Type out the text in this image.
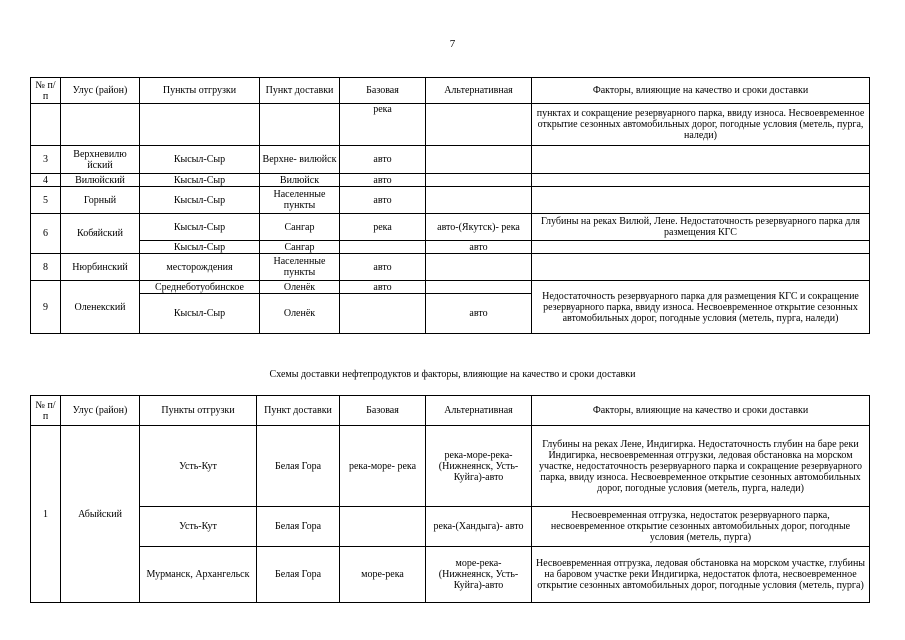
7
№ п/п	Улус (район)	Пункты отгрузки	Пункт доставки	Базовая	Альтернативная	Факторы, влияющие на качество и сроки доставки
				река		пунктах и сокращение резервуарного парка, ввиду износа. Несвоевременное открытие сезонных автомобильных дорог, погодные условия (метель, пурга, наледи)
3	Верхневилю йский	Кысыл-Сыр	Верхне- вилюйск	авто		
4	Вилюйский	Кысыл-Сыр	Вилюйск	авто		
5	Горный	Кысыл-Сыр	Населенные пункты	авто		
6	Кобяйский	Кысыл-Сыр	Сангар	река	авто-(Якутск)- река	Глубины на реках Вилюй, Лене. Недостаточность резервуарного парка для размещения КГС
		Кысыл-Сыр	Сангар		авто	
8	Нюрбинский	месторождения	Населенные пункты	авто		
9	Оленекский	Среднеботуобинское	Оленёк	авто		Недостаточность резервуарного парка для размещения КГС и сокращение резервуарного парка, ввиду износа. Несвоевременное открытие сезонных автомобильных дорог, погодные условия (метель, пурга, наледи)
		Кысыл-Сыр	Оленёк		авто	
Схемы доставки нефтепродуктов и факторы, влияющие на качество и сроки доставки
№ п/п	Улус (район)	Пункты отгрузки	Пункт доставки	Базовая	Альтернативная	Факторы, влияющие на качество и сроки доставки
1	Абыйский	Усть-Кут	Белая Гора	река-море- река	река-море-река- (Нижнеянск, Усть-Куйга)-авто	Глубины на реках Лене, Индигирка. Недостаточность глубин на баре реки Индигирка, несвоевременная отгрузки, ледовая обстановка на морском участке, недостаточность резервуарного парка и сокращение резервуарного парка, ввиду износа. Несвоевременное открытие сезонных автомобильных дорог, погодные условия (метель, пурга, наледи)
		Усть-Кут	Белая Гора		река-(Хандыга)- авто	Несвоевременная отгрузка, недостаток резервуарного парка, несвоевременное открытие сезонных автомобильных дорог, погодные условия (метель, пурга)
		Мурманск, Архангельск	Белая Гора	море-река	море-река- (Нижнеянск, Усть-Куйга)-авто	Несвоевременная отгрузка, ледовая обстановка на морском участке, глубины на баровом участке реки Индигирка, недостаток флота, несвоевременное открытие сезонных автомобильных дорог, погодные условия (метель, пурга)
